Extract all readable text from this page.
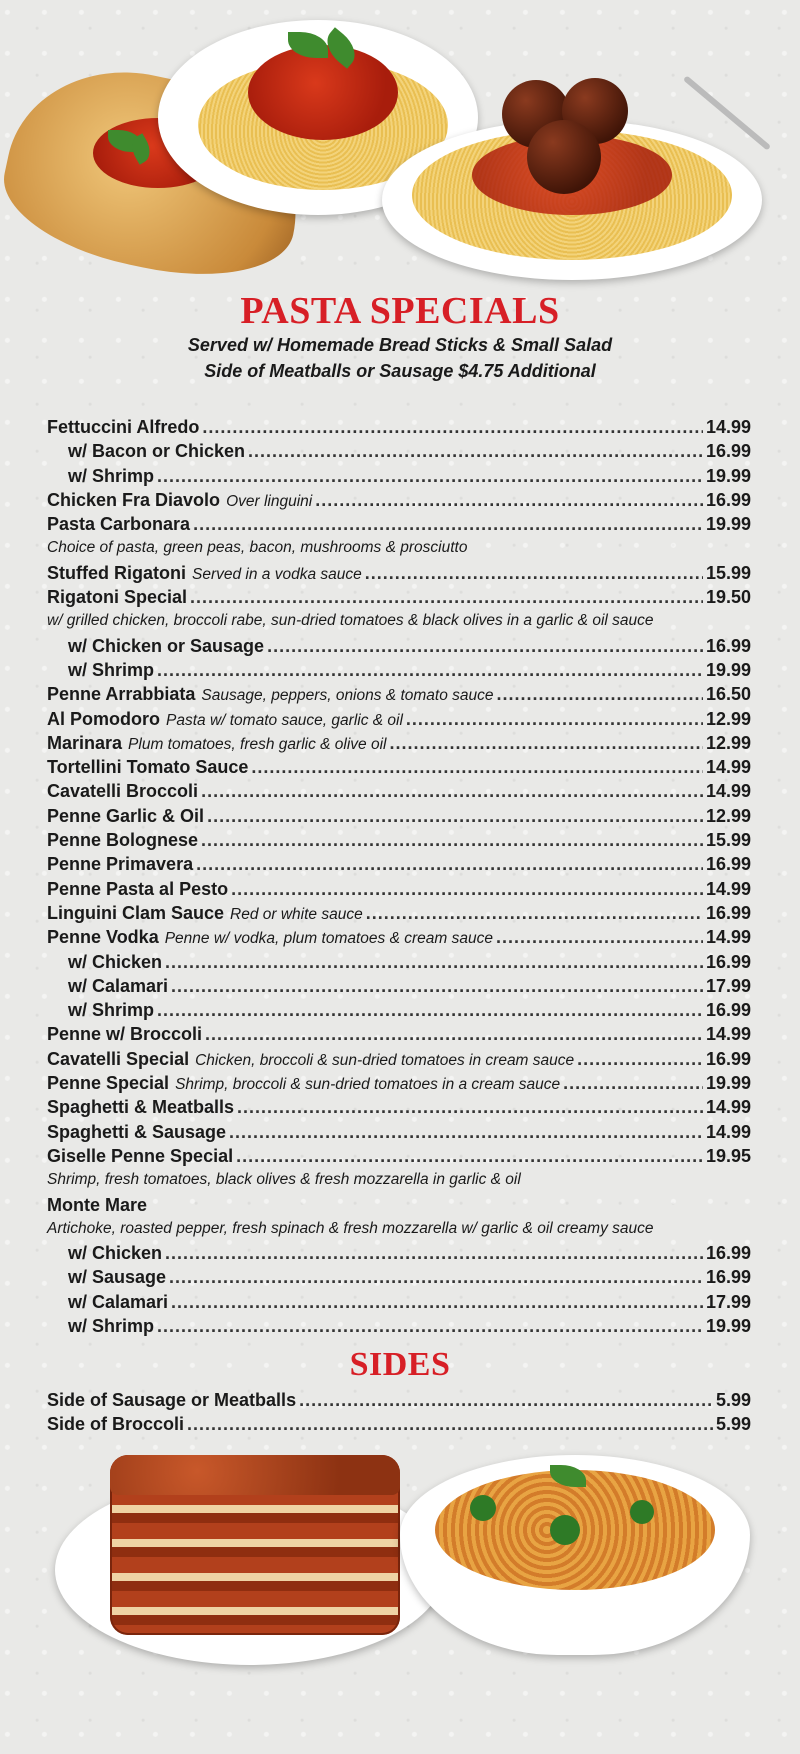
PASTA SPECIALS
Served w/ Homemade Bread Sticks & Small Salad
Side of Meatballs or Sausage $4.75 Additional
Fettuccini Alfredo .....	14.99
w/ Bacon or Chicken .....	16.99
w/ Shrimp .....	19.99
Chicken Fra Diavolo Over linguini .....	16.99
Pasta Carbonara .....	19.99
Choice of pasta, green peas, bacon, mushrooms & prosciutto
Stuffed Rigatoni Served in a vodka sauce .....	15.99
Rigatoni Special .....	19.50
w/ grilled chicken, broccoli rabe, sun-dried tomatoes & black olives in a garlic & oil sauce
w/ Chicken or Sausage .....	16.99
w/ Shrimp .....	19.99
Penne Arrabbiata Sausage, peppers, onions & tomato sauce .....	16.50
Al Pomodoro Pasta w/ tomato sauce, garlic & oil .....	12.99
Marinara Plum tomatoes, fresh garlic & olive oil .....	12.99
Tortellini Tomato Sauce .....	14.99
Cavatelli Broccoli .....	14.99
Penne Garlic & Oil .....	12.99
Penne Bolognese .....	15.99
Penne Primavera .....	16.99
Penne Pasta al Pesto .....	14.99
Linguini Clam Sauce Red or white sauce .....	16.99
Penne Vodka Penne w/ vodka, plum tomatoes & cream sauce .....	14.99
w/ Chicken .....	16.99
w/ Calamari .....	17.99
w/ Shrimp .....	16.99
Penne w/ Broccoli .....	14.99
Cavatelli Special Chicken, broccoli & sun-dried tomatoes in cream sauce .....	16.99
Penne Special Shrimp, broccoli & sun-dried tomatoes in a cream sauce .....	19.99
Spaghetti & Meatballs .....	14.99
Spaghetti & Sausage .....	14.99
Giselle Penne Special .....	19.95
Shrimp, fresh tomatoes, black olives & fresh mozzarella in garlic & oil
Monte Mare
Artichoke, roasted pepper, fresh spinach & fresh mozzarella w/ garlic & oil creamy sauce
w/ Chicken .....	16.99
w/ Sausage .....	16.99
w/ Calamari .....	17.99
w/ Shrimp .....	19.99
SIDES
Side of Sausage or Meatballs .....	5.99
Side of Broccoli .....	5.99
